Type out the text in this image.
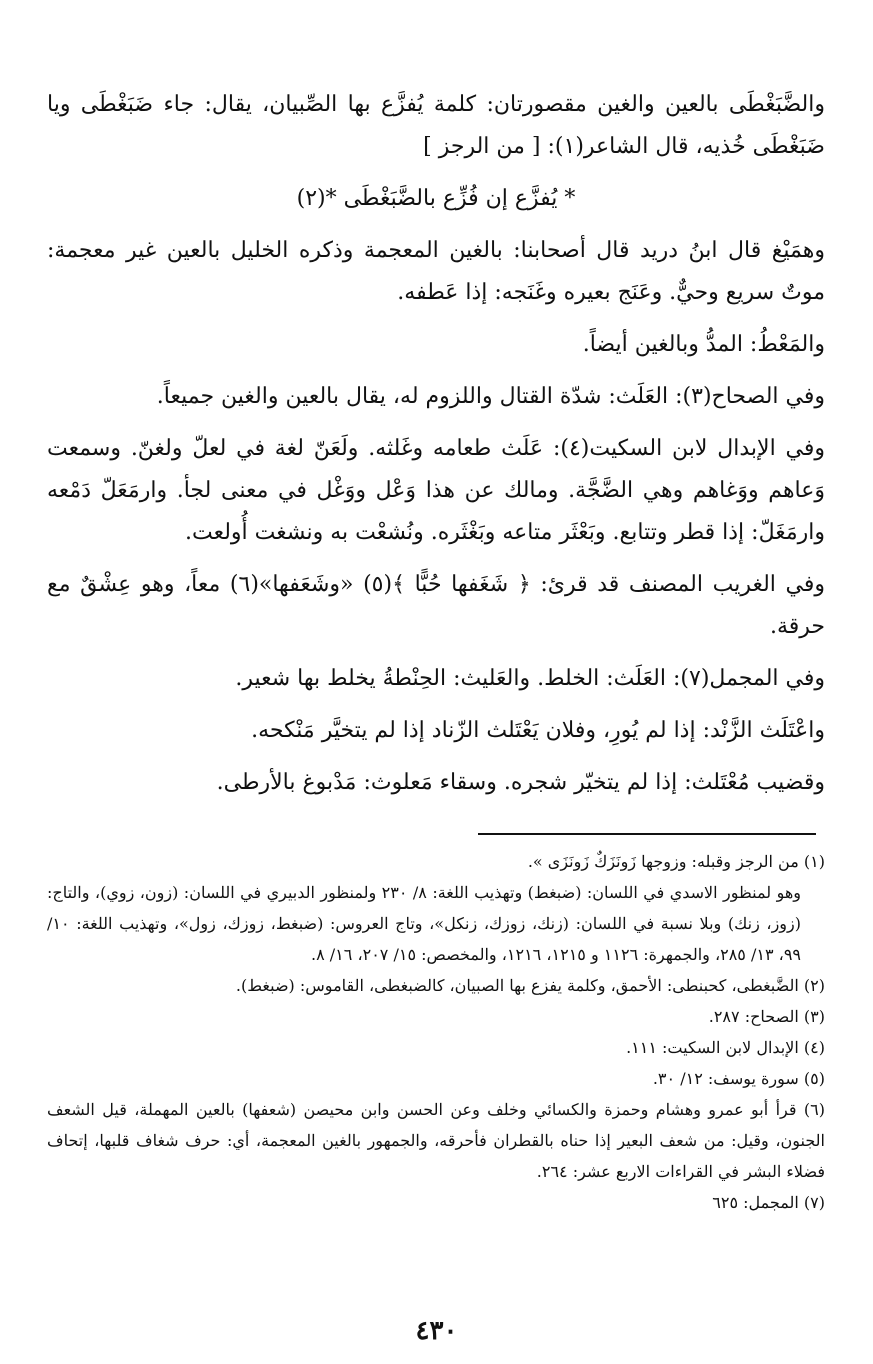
والضَّبَغْطَى بالعين والغين مقصورتان: كلمة يُفزَّع بها الصِّبيان، يقال: جاء ضَبَغْطَى ويا ضَبَغْطَى خُذيه، قال الشاعر(١): [ من الرجز ]

* يُفزَّع إن فُزِّع بالضَّبَغْطَى *(٢)

وهمَيْغ قال ابنُ دريد قال أصحابنا: بالغين المعجمة وذكره الخليل بالعين غير معجمة: موتٌ سريع وحيٌّ. وعَنَج بعيره وغَنَجه: إذا عَطفه.

والمَعْطُ: المدُّ وبالغين أيضاً.

وفي الصحاح(٣): العَلَث: شدّة القتال واللزوم له، يقال بالعين والغين جميعاً.

وفي الإبدال لابن السكيت(٤): عَلَث طعامه وغَلثه. ولَعَنّ لغة في لعلّ ولغنّ. وسمعت وَعاهم ووَغاهم وهي الضَّجَّة. ومالك عن هذا وَعْل ووَغْل في معنى لجأ. وارمَعَلّ دَمْعه وارمَغَلّ: إذا قطر وتتابع. وبَعْثَر متاعه وبَغْثَره. ونُشعْت به ونشغت أُولعت.

وفي الغريب المصنف قد قرئ: ﴿ شَغَفها حُبًّا ﴾(٥) «وشَعَفها»(٦) معاً، وهو عِشْقٌ مع حرقة.

وفي المجمل(٧): العَلَث: الخلط. والعَليث: الحِنْطةُ يخلط بها شعير.

واعْتَلَث الزَّنْد: إذا لم يُورِ، وفلان يَعْتَلث الزّناد إذا لم يتخيَّر مَنْكحه.

وقضيب مُعْتَلث: إذا لم يتخيّر شجره. وسقاء مَعلوث: مَدْبوغ بالأرطى.

(١) من الرجز وقبله: وزوجها زَونَزَكٌ زَونَزَى ».

وهو لمنظور الاسدي في اللسان: (ضبغط) وتهذيب اللغة: ٨/ ٢٣٠ ولمنظور الدبيري في اللسان: (زون، زوي)، والتاج: (زوز، زنك) وبلا نسبة في اللسان: (زنك، زوزك، زنكل»، وتاج العروس: (ضبغط، زوزك، زول»، وتهذيب اللغة: ١٠/ ٩٩، ١٣/ ٢٨٥، والجمهرة: ١١٢٦ و ١٢١٥، ١٢١٦، والمخصص: ١٥/ ٢٠٧، ١٦/ ٨.

(٢) الضَّبغطى، كحبنطى: الأحمق، وكلمة يفزع بها الصبيان، كالضبغطى، القاموس: (ضبغط).

(٣) الصحاح: ٢٨٧.

(٤) الإبدال لابن السكيت: ١١١.

(٥) سورة يوسف: ١٢/ ٣٠.

(٦) قرأ أبو عمرو وهشام وحمزة والكسائي وخلف وعن الحسن وابن محيصن (شعفها) بالعين المهملة، قيل الشعف الجنون، وقيل: من شعف البعير إذا حناه بالقطران فأحرقه، والجمهور بالغين المعجمة، أي: حرف شغاف قلبها، إتحاف فضلاء البشر في القراءات الاربع عشر: ٢٦٤.

(٧) المجمل: ٦٢٥

٤٣٠
